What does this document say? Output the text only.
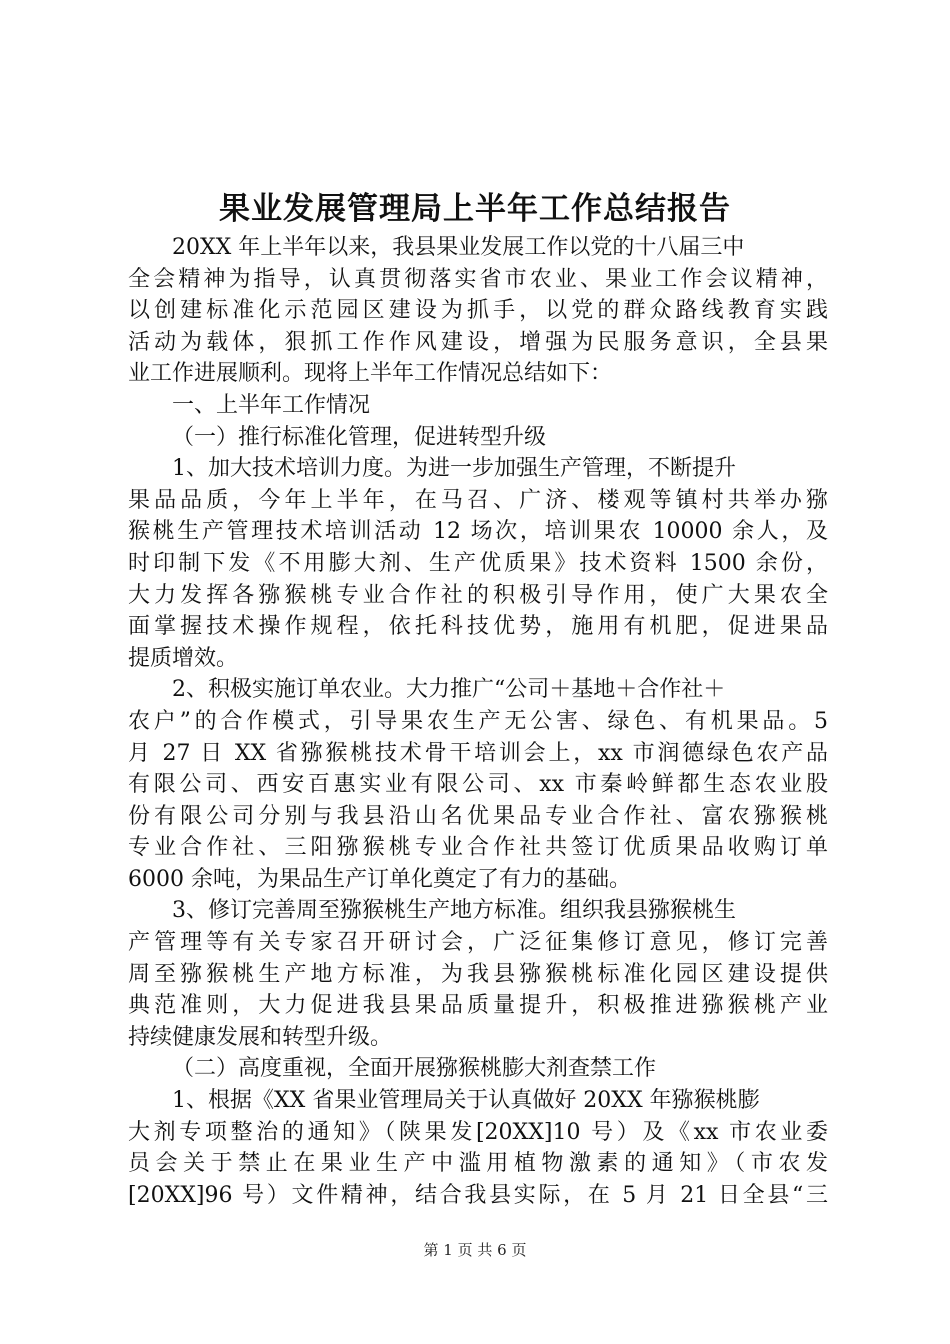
果业发展管理局上半年工作总结报告
20XX 年上半年以来，我县果业发展工作以党的十八届三中
全会精神为指导，认真贯彻落实省市农业、果业工作会议精神，
以创建标准化示范园区建设为抓手，以党的群众路线教育实践
活动为载体，狠抓工作作风建设，增强为民服务意识，全县果
业工作进展顺利。现将上半年工作情况总结如下：
一、上半年工作情况
（一）推行标准化管理，促进转型升级
1、加大技术培训力度。为进一步加强生产管理，不断提升
果品品质，今年上半年，在马召、广济、楼观等镇村共举办猕
猴桃生产管理技术培训活动 12 场次，培训果农 10000 余人，及
时印制下发《不用膨大剂、生产优质果》技术资料 1500 余份，
大力发挥各猕猴桃专业合作社的积极引导作用，使广大果农全
面掌握技术操作规程，依托科技优势，施用有机肥，促进果品
提质增效。
2、积极实施订单农业。大力推广“公司＋基地＋合作社＋
农户”的合作模式，引导果农生产无公害、绿色、有机果品。5
月 27 日 XX 省猕猴桃技术骨干培训会上，xx 市润德绿色农产品
有限公司、西安百惠实业有限公司、xx 市秦岭鲜都生态农业股
份有限公司分别与我县沿山名优果品专业合作社、富农猕猴桃
专业合作社、三阳猕猴桃专业合作社共签订优质果品收购订单
6000 余吨，为果品生产订单化奠定了有力的基础。
3、修订完善周至猕猴桃生产地方标准。组织我县猕猴桃生
产管理等有关专家召开研讨会，广泛征集修订意见，修订完善
周至猕猴桃生产地方标准，为我县猕猴桃标准化园区建设提供
典范准则，大力促进我县果品质量提升，积极推进猕猴桃产业
持续健康发展和转型升级。
（二）高度重视，全面开展猕猴桃膨大剂查禁工作
1、根据《XX 省果业管理局关于认真做好 20XX 年猕猴桃膨
大剂专项整治的通知》（陕果发[20XX]10 号）及《xx 市农业委
员会关于禁止在果业生产中滥用植物激素的通知》（市农发
[20XX]96 号）文件精神，结合我县实际，在 5 月 21 日全县“三
第 1 页 共 6 页
